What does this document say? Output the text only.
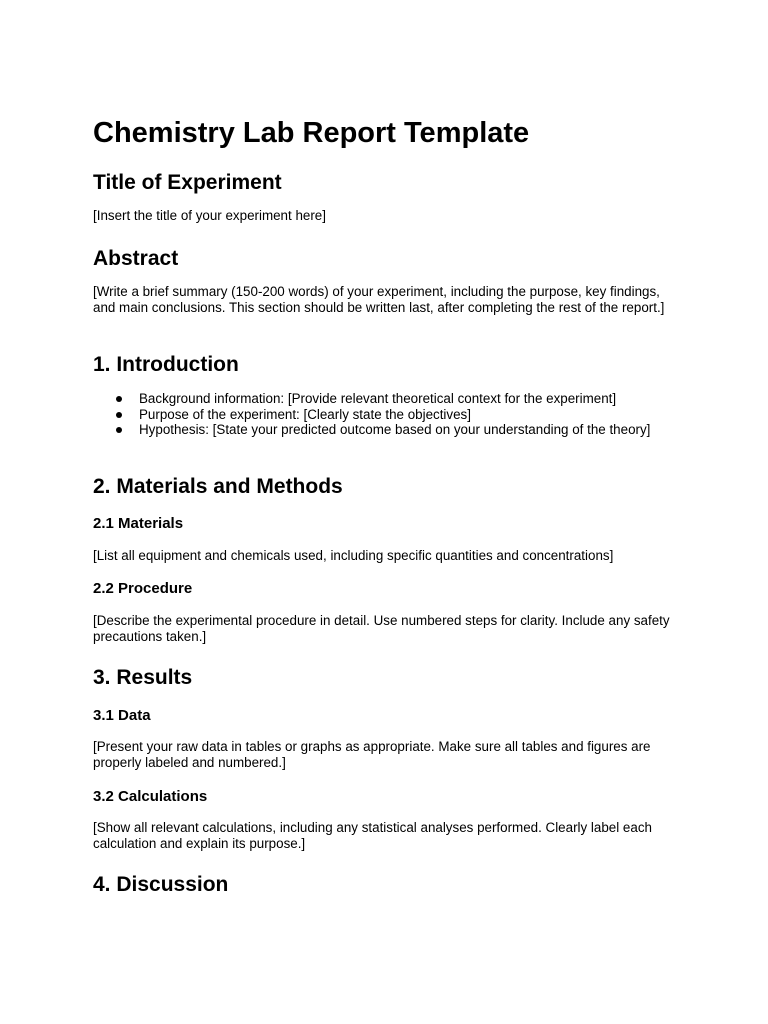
Chemistry Lab Report Template
Title of Experiment

[Insert the title of your experiment here]

Abstract

[Write a brief summary (150-200 words) of your experiment, including the purpose, key findings, and main conclusions. This section should be written last, after completing the rest of the report.]

1. Introduction
Background information: [Provide relevant theoretical context for the experiment]
Purpose of the experiment: [Clearly state the objectives]
Hypothesis: [State your predicted outcome based on your understanding of the theory]
2. Materials and Methods
2.1 Materials

[List all equipment and chemicals used, including specific quantities and concentrations]

2.2 Procedure

[Describe the experimental procedure in detail. Use numbered steps for clarity. Include any safety precautions taken.]

3. Results
3.1 Data

[Present your raw data in tables or graphs as appropriate. Make sure all tables and figures are properly labeled and numbered.]

3.2 Calculations

[Show all relevant calculations, including any statistical analyses performed. Clearly label each calculation and explain its purpose.]

4. Discussion
